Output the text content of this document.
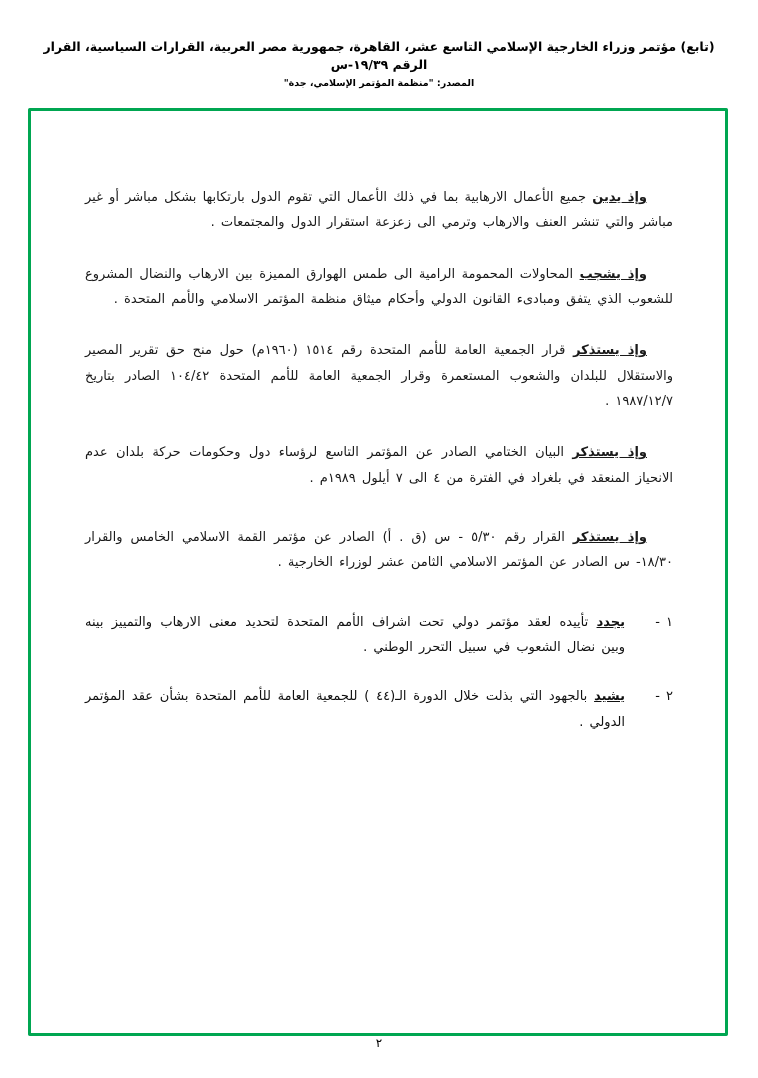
(تابع) مؤتمر وزراء الخارجية الإسلامي التاسع عشر، القاهرة، جمهورية مصر العربية، القرارات السياسية، القرار الرقم ١٩/٣٩-س
المصدر: "منظمة المؤتمر الإسلامي، جدة"
وإذ يدين جميع الأعمال الارهابية بما في ذلك الأعمال التي تقوم الدول بارتكابها بشكل مباشر أو غير مباشر والتي تنشر العنف والارهاب وترمي الى زعزعة استقرار الدول والمجتمعات .
وإذ يشجب المحاولات المحمومة الرامية الى طمس الهوارق المميزة بين الارهاب والنضال المشروع للشعوب الذي يتفق ومبادىء القانون الدولي وأحكام ميثاق منظمة المؤتمر الاسلامي والأمم المتحدة .
وإذ يستذكر قرار الجمعية العامة للأمم المتحدة رقم ١٥١٤ (١٩٦٠م) حول منح حق تقرير المصير والاستقلال للبلدان والشعوب المستعمرة وقرار الجمعية العامة للأمم المتحدة ١٠٤/٤٢ الصادر بتاريخ ١٩٨٧/١٢/٧ .
وإذ يستذكر البيان الختامي الصادر عن المؤتمر التاسع لرؤساء دول وحكومات حركة بلدان عدم الانحياز المنعقد في بلغراد في الفترة من ٤ الى ٧ أيلول ١٩٨٩م .
وإذ يستذكر القرار رقم ٥/٣٠ - س (ق . أ) الصادر عن مؤتمر القمة الاسلامي الخامس والقرار ١٨/٣٠- س الصادر عن المؤتمر الاسلامي الثامن عشر لوزراء الخارجية .
١ -
يجدد تأييده لعقد مؤتمر دولي تحت اشراف الأمم المتحدة لتحديد معنى الارهاب والتمييز بينه وبين نضال الشعوب في سبيل التحرر الوطني .
٢ -
يشيد بالجهود التي بذلت خلال الدورة الـ(٤٤ ) للجمعية العامة للأمم المتحدة بشأن عقد المؤتمر الدولي .
٢
